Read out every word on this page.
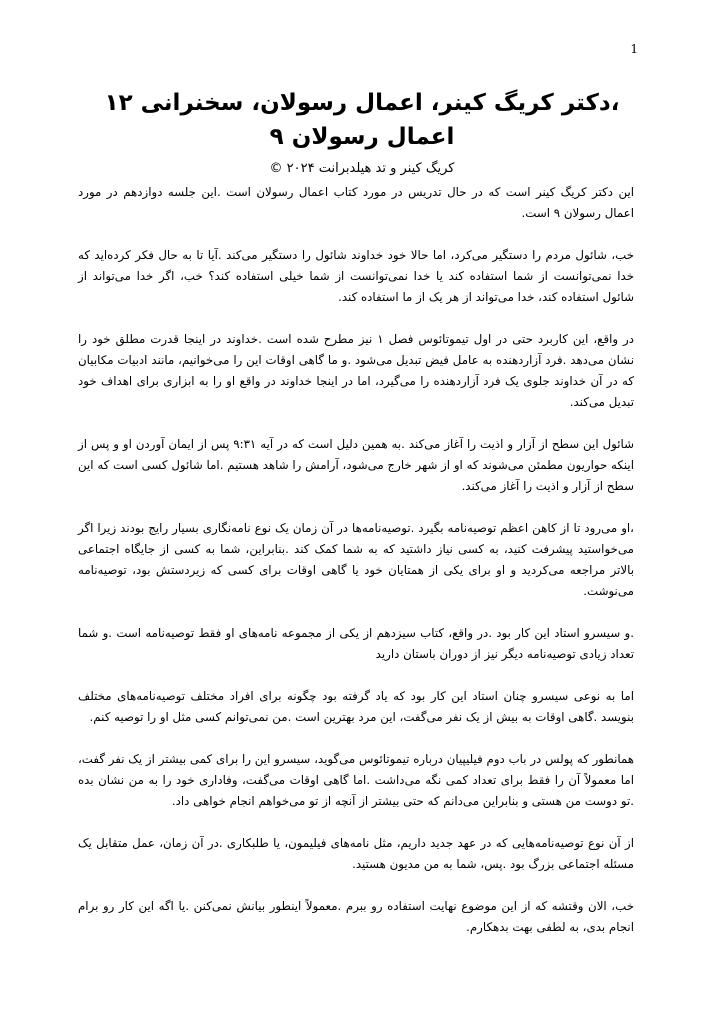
1
،دکتر کریگ کینر، اعمال رسولان، سخنرانی ۱۲
اعمال رسولان ۹
کریگ کینر و تد هیلدبرانت ۲۰۲۴ ©

این دکتر کریگ کینر است که در حال تدریس در مورد کتاب اعمال رسولان است .این جلسه دوازدهم در مورد اعمال رسولان ۹ است.

خب، شائول مردم را دستگیر می‌کرد، اما حالا خود خداوند شائول را دستگیر می‌کند .آیا تا به حال فکر کرده‌اید که خدا نمی‌توانست از شما استفاده کند یا خدا نمی‌توانست از شما خیلی استفاده کند؟ خب، اگر خدا می‌تواند از شائول استفاده کند، خدا می‌تواند از هر یک از ما استفاده کند.

در واقع، این کاربرد حتی در اول تیموتائوس فصل ۱ نیز مطرح شده است .خداوند در اینجا قدرت مطلق خود را نشان می‌دهد .فرد آزاردهنده به عامل فیض تبدیل می‌شود .و ما گاهی اوقات این را می‌خوانیم، مانند ادبیات مکابیان که در آن خداوند جلوی یک فرد آزاردهنده را می‌گیرد، اما در اینجا خداوند در واقع او را به ابزاری برای اهداف خود تبدیل می‌کند.

شائول این سطح از آزار و اذیت را آغاز می‌کند .به همین دلیل است که در آیه ۹:۳۱ پس از ایمان آوردن او و پس از اینکه حواریون مطمئن می‌شوند که او از شهر خارج می‌شود، آرامش را شاهد هستیم .اما شائول کسی است که این سطح از آزار و اذیت را آغاز می‌کند.

،او می‌رود تا از کاهن اعظم توصیه‌نامه بگیرد .توصیه‌نامه‌ها در آن زمان یک نوع نامه‌نگاری بسیار رایج بودند زیرا اگر می‌خواستید پیشرفت کنید، به کسی نیاز داشتید که به شما کمک کند .بنابراین، شما به کسی از جایگاه اجتماعی بالاتر مراجعه می‌کردید و او برای یکی از همتایان خود یا گاهی اوقات برای کسی که زیردستش بود، توصیه‌نامه می‌نوشت.

.و سیسرو استاد این کار بود .در واقع، کتاب سیزدهم از یکی از مجموعه نامه‌های او فقط توصیه‌نامه است .و شما تعداد زیادی توصیه‌نامه دیگر نیز از دوران باستان دارید

اما به نوعی سیسرو چنان استاد این کار بود که یاد گرفته بود چگونه برای افراد مختلف توصیه‌نامه‌های مختلف بنویسد .گاهی اوقات به بیش از یک نفر می‌گفت، این مرد بهترین است .من نمی‌توانم کسی مثل او را توصیه کنم.

همانطور که پولس در باب دوم فیلیپیان درباره تیموتائوس می‌گوید، سیسرو این را برای کمی بیشتر از یک نفر گفت، اما معمولاً آن را فقط برای تعداد کمی نگه می‌داشت .اما گاهی اوقات می‌گفت، وفاداری خود را به من نشان بده .تو دوست من هستی و بنابراین می‌دانم که حتی بیشتر از آنچه از تو می‌خواهم انجام خواهی داد.

از آن نوع توصیه‌نامه‌هایی که در عهد جدید داریم، مثل نامه‌های فیلیمون، یا طلبکاری .در آن زمان، عمل متقابل یک مسئله اجتماعی بزرگ بود .پس، شما به من مدیون هستید.

خب، الان وقتشه که از این موضوع نهایت استفاده رو ببرم .معمولاً اینطور بیانش نمی‌کنن .یا اگه این کار رو برام انجام بدی، به لطفی بهت بدهکارم.
